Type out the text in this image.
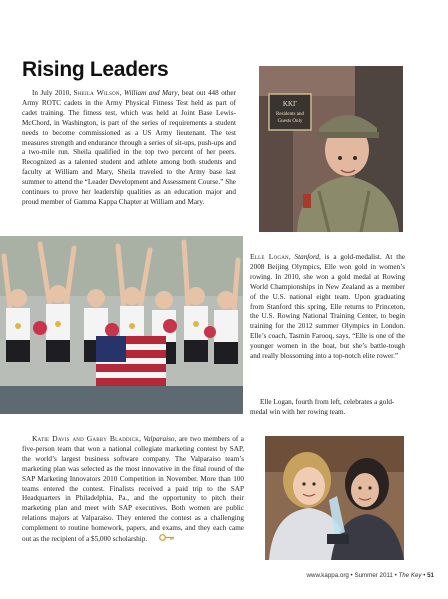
Rising Leaders

In July 2010, Sheila Wilson, William and Mary, beat out 448 other Army ROTC cadets in the Army Physical Fitness Test held as part of cadet training. The fitness test, which was held at Joint Base Lewis-McChord, in Washington, is part of the series of requirements a student needs to become commissioned as a US Army lieutenant. The test measures strength and endurance through a series of sit-ups, push-ups and a two-mile run. Sheila qualified in the top two percent of her peers. Recognized as a talented student and athlete among both students and faculty at William and Mary, Sheila traveled to the Army base last summer to attend the “Leader Development and Assessment Course.” She continues to prove her leadership qualities as an education major and proud member of Gamma Kappa Chapter at William and Mary.

KKΓ
Residents and
Guests Only

Elle Logan, Stanford, is a gold-medalist. At the 2008 Beijing Olympics, Elle won gold in women’s rowing. In 2010, she won a gold medal at Rowing World Championships in New Zealand as a member of the U.S. national eight team. Upon graduating from Stanford this spring, Elle returns to Princeton, the U.S. Rowing National Training Center, to begin training for the 2012 summer Olympics in London. Elle’s coach, Tasmin Farooq, says, “Elle is one of the younger women in the boat, but she’s battle-tough and really blossoming into a top-notch elite rower.”

Elle Logan, fourth from left, celebrates a gold-medal win with her rowing team.

Katie Davis and Gabby Bladdick, Valparaiso, are two members of a five-person team that won a national collegiate marketing contest by SAP, the world’s largest business software company. The Valparaiso team’s marketing plan was selected as the most innovative in the final round of the SAP Marketing Innovators 2010 Competition in November. More than 100 teams entered the contest. Finalists received a paid trip to the SAP Headquarters in Philadelphia, Pa., and the opportunity to pitch their marketing plan and meet with SAP executives. Both women are public relations majors at Valparaiso. They entered the contest as a challenging complement to routine homework, papers, and exams, and they each came out as the recipient of a $5,000 scholarship.

www.kappa.org • Summer 2011 • The Key • 51
